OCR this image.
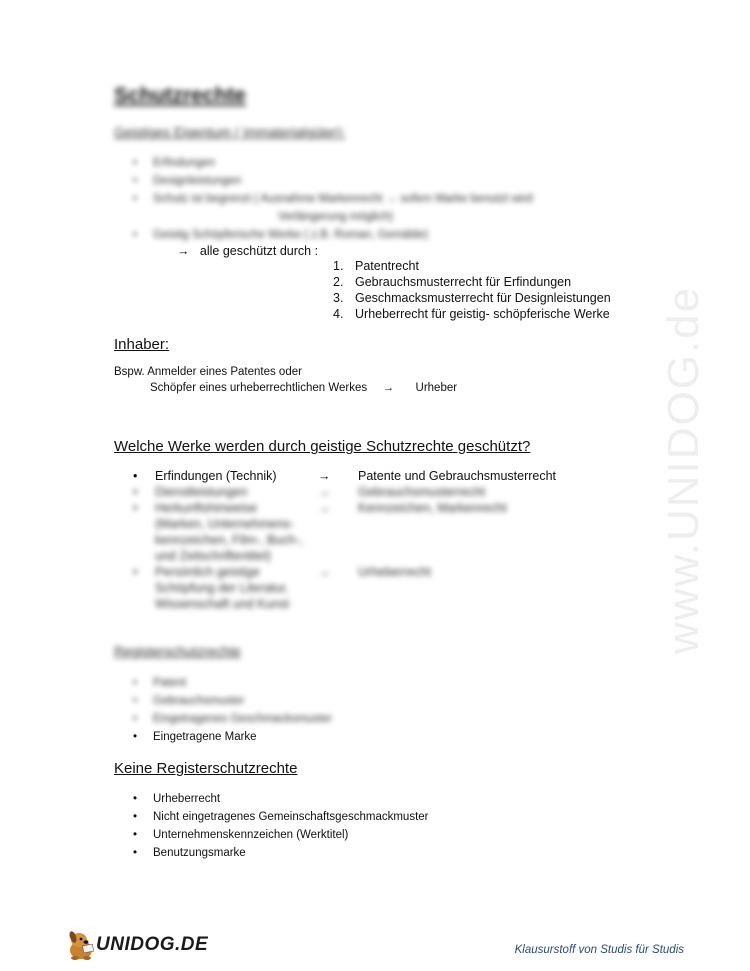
www.UNIDOG.de
Schutzrechte
Geistiges Eigentum ( Immaterialgüter):
• Erfindungen
• Designleistungen
• Schutz ist begrenzt ( Ausnahme Markenrecht → sofern Marke benutzt wird
Verlängerung möglich)
• Geistig Schöpferische Werke ( z.B. Roman, Gemälde)
→ alle geschützt durch :
1. Patentrecht
2. Gebrauchsmusterrecht für Erfindungen
3. Geschmacksmusterrecht für Designleistungen
4. Urheberrecht für geistig- schöpferische Werke
Inhaber:
Bspw. Anmelder eines Patentes oder
Schöpfer eines urheberrechtlichen Werkes → Urheber
Welche Werke werden durch geistige Schutzrechte geschützt?
• Erfindungen (Technik)	→ Patente und Gebrauchsmusterrecht
• Dienstleistungen	→ Gebrauchsmusterrecht
• Herkunftshinweise	→ Kennzeichen, Markenrecht
(Marken, Unternehmens-
kennzeichen, Film-, Buch-,
und Zeitschriftentitel)
• Persönlich geistige	→ Urheberrecht
Schöpfung der Literatur,
Wissenschaft und Kunst
Registerschutzrechte
• Patent
• Gebrauchsmuster
• Eingetragenes Geschmacksmuster
• Eingetragene Marke
Keine Registerschutzrechte
• Urheberrecht
• Nicht eingetragenes Gemeinschaftsgeschmackmuster
• Unternehmenskennzeichen (Werktitel)
• Benutzungsmarke
UNIDOG.DE	Klausurstoff von Studis für Studis
